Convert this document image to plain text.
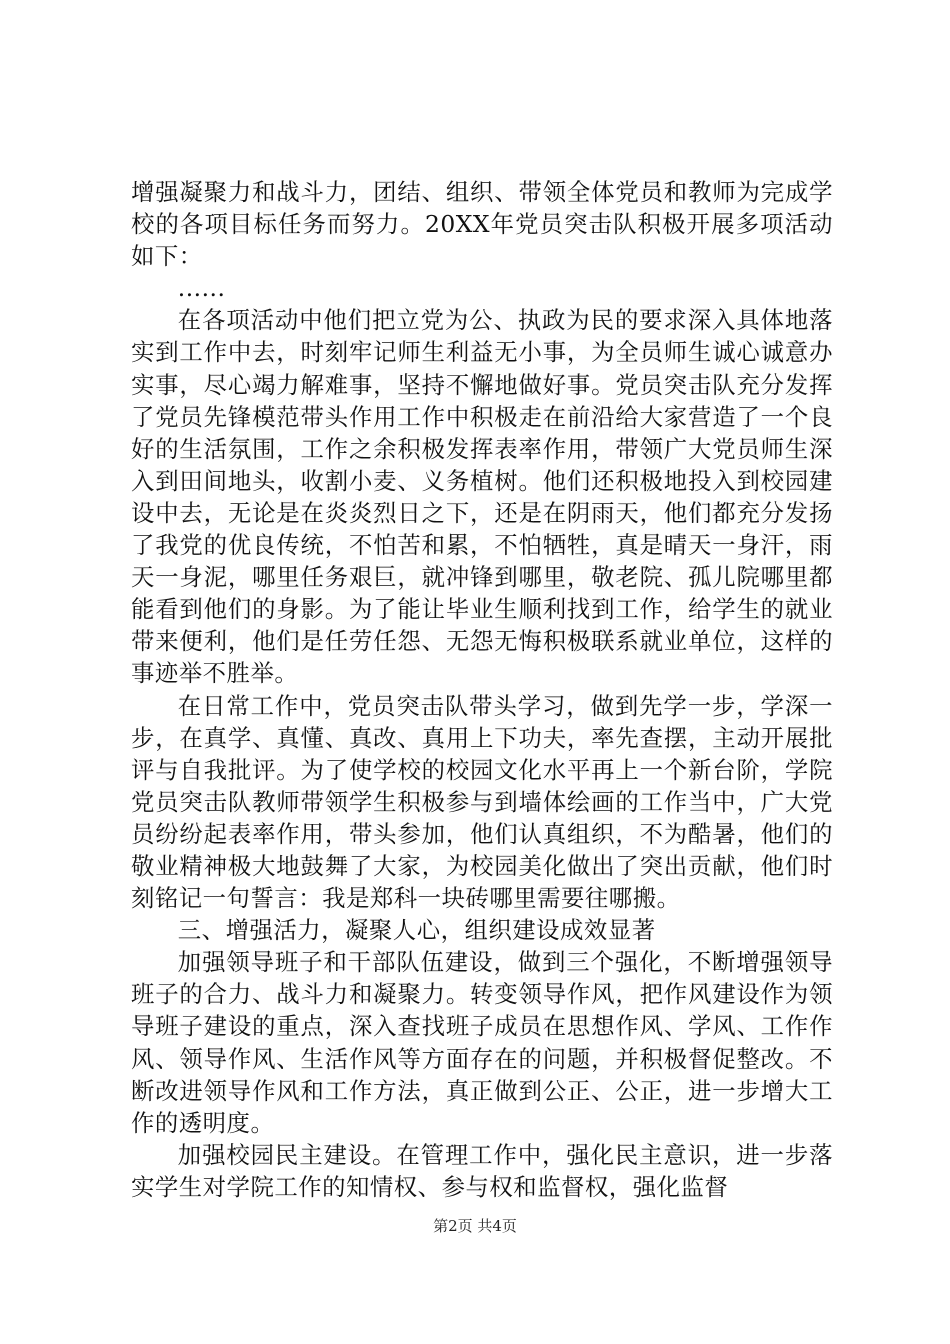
增强凝聚力和战斗力，团结、组织、带领全体党员和教师为完成学校的各项目标任务而努力。20XX年党员突击队积极开展多项活动如下：

......

在各项活动中他们把立党为公、执政为民的要求深入具体地落实到工作中去，时刻牢记师生利益无小事，为全员师生诚心诚意办实事，尽心竭力解难事，坚持不懈地做好事。党员突击队充分发挥了党员先锋模范带头作用工作中积极走在前沿给大家营造了一个良好的生活氛围，工作之余积极发挥表率作用，带领广大党员师生深入到田间地头，收割小麦、义务植树。他们还积极地投入到校园建设中去，无论是在炎炎烈日之下，还是在阴雨天，他们都充分发扬了我党的优良传统，不怕苦和累，不怕牺牲，真是晴天一身汗，雨天一身泥，哪里任务艰巨，就冲锋到哪里，敬老院、孤儿院哪里都能看到他们的身影。为了能让毕业生顺利找到工作，给学生的就业带来便利，他们是任劳任怨、无怨无悔积极联系就业单位，这样的事迹举不胜举。

在日常工作中，党员突击队带头学习，做到先学一步，学深一步，在真学、真懂、真改、真用上下功夫，率先查摆，主动开展批评与自我批评。为了使学校的校园文化水平再上一个新台阶，学院党员突击队教师带领学生积极参与到墙体绘画的工作当中，广大党员纷纷起表率作用，带头参加，他们认真组织，不为酷暑，他们的敬业精神极大地鼓舞了大家，为校园美化做出了突出贡献，他们时刻铭记一句誓言：我是郑科一块砖哪里需要往哪搬。

三、增强活力，凝聚人心，组织建设成效显著

加强领导班子和干部队伍建设，做到三个强化，不断增强领导班子的合力、战斗力和凝聚力。转变领导作风，把作风建设作为领导班子建设的重点，深入查找班子成员在思想作风、学风、工作作风、领导作风、生活作风等方面存在的问题，并积极督促整改。不断改进领导作风和工作方法，真正做到公正、公正，进一步增大工作的透明度。

加强校园民主建设。在管理工作中，强化民主意识，进一步落实学生对学院工作的知情权、参与权和监督权，强化监督

第2页 共4页
